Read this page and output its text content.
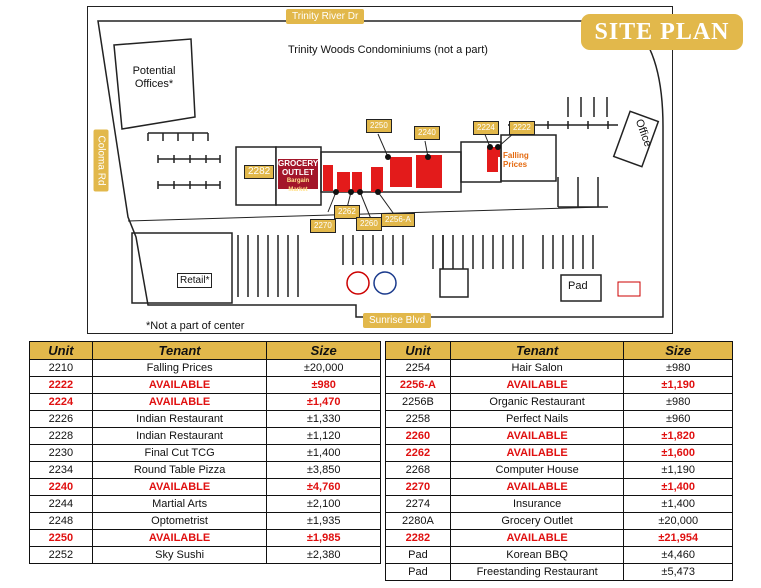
Trinity Woods Condominiums (not a part)
Potential Offices*
Office
Retail*	Pad
*Not a part of center
GROCERY OUTLET
Bargain Market
Falling Prices
2282
2250
2240
2224	2222
2262
2270	2260 2256-A
Trinity River Dr
Sunrise Blvd
Coloma Rd
SITE PLAN
Unit	Tenant	Size
2210	Falling Prices	±20,000
2222	AVAILABLE	±980
2224	AVAILABLE	±1,470
2226	Indian Restaurant	±1,330
2228	Indian Restaurant	±1,120
2230	Final Cut TCG	±1,400
2234	Round Table Pizza	±3,850
2240	AVAILABLE	±4,760
2244	Martial Arts	±2,100
2248	Optometrist	±1,935
2250	AVAILABLE	±1,985
2252	Sky Sushi	±2,380
Unit	Tenant	Size
2254	Hair Salon	±980
2256-A	AVAILABLE	±1,190
2256B	Organic Restaurant	±980
2258	Perfect Nails	±960
2260	AVAILABLE	±1,820
2262	AVAILABLE	±1,600
2268	Computer House	±1,190
2270	AVAILABLE	±1,400
2274	Insurance	±1,400
2280A	Grocery Outlet	±20,000
2282	AVAILABLE	±21,954
Pad	Korean BBQ	±4,460
Pad	Freestanding Restaurant	±5,473
